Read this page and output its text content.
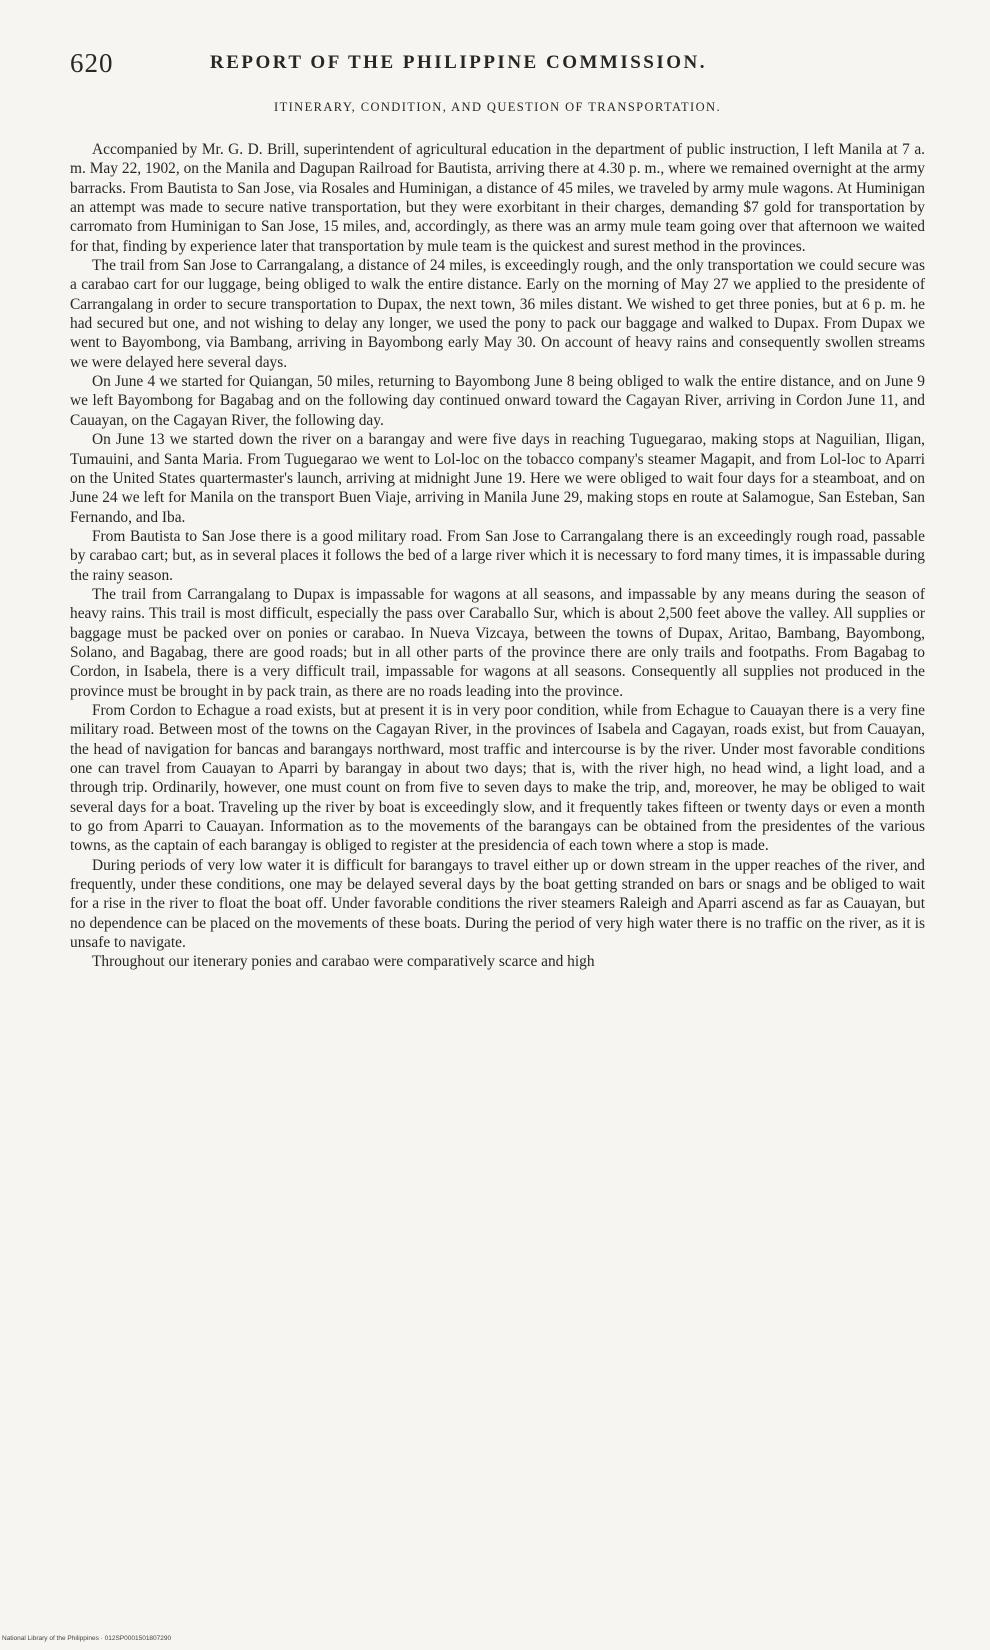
620	REPORT OF THE PHILIPPINE COMMISSION.
ITINERARY, CONDITION, AND QUESTION OF TRANSPORTATION.

Accompanied by Mr. G. D. Brill, superintendent of agricultural education in the department of public instruction, I left Manila at 7 a. m. May 22, 1902, on the Manila and Dagupan Railroad for Bautista, arriving there at 4.30 p. m., where we remained overnight at the army barracks. From Bautista to San Jose, via Rosales and Huminigan, a distance of 45 miles, we traveled by army mule wagons. At Huminigan an attempt was made to secure native transportation, but they were exorbitant in their charges, demanding $7 gold for transportation by carromato from Huminigan to San Jose, 15 miles, and, accordingly, as there was an army mule team going over that afternoon we waited for that, finding by experience later that transportation by mule team is the quickest and surest method in the provinces.

The trail from San Jose to Carrangalang, a distance of 24 miles, is exceedingly rough, and the only transportation we could secure was a carabao cart for our luggage, being obliged to walk the entire distance. Early on the morning of May 27 we applied to the presidente of Carrangalang in order to secure transportation to Dupax, the next town, 36 miles distant. We wished to get three ponies, but at 6 p. m. he had secured but one, and not wishing to delay any longer, we used the pony to pack our baggage and walked to Dupax. From Dupax we went to Bayombong, via Bambang, arriving in Bayombong early May 30. On account of heavy rains and consequently swollen streams we were delayed here several days.

On June 4 we started for Quiangan, 50 miles, returning to Bayombong June 8 being obliged to walk the entire distance, and on June 9 we left Bayombong for Bagabag and on the following day continued onward toward the Cagayan River, arriving in Cordon June 11, and Cauayan, on the Cagayan River, the following day.

On June 13 we started down the river on a barangay and were five days in reaching Tuguegarao, making stops at Naguilian, Iligan, Tumauini, and Santa Maria. From Tuguegarao we went to Lol-loc on the tobacco company's steamer Magapit, and from Lol-loc to Aparri on the United States quartermaster's launch, arriving at midnight June 19. Here we were obliged to wait four days for a steamboat, and on June 24 we left for Manila on the transport Buen Viaje, arriving in Manila June 29, making stops en route at Salamogue, San Esteban, San Fernando, and Iba.

From Bautista to San Jose there is a good military road. From San Jose to Carrangalang there is an exceedingly rough road, passable by carabao cart; but, as in several places it follows the bed of a large river which it is necessary to ford many times, it is impassable during the rainy season.

The trail from Carrangalang to Dupax is impassable for wagons at all seasons, and impassable by any means during the season of heavy rains. This trail is most difficult, especially the pass over Caraballo Sur, which is about 2,500 feet above the valley. All supplies or baggage must be packed over on ponies or carabao. In Nueva Vizcaya, between the towns of Dupax, Aritao, Bambang, Bayombong, Solano, and Bagabag, there are good roads; but in all other parts of the province there are only trails and footpaths. From Bagabag to Cordon, in Isabela, there is a very difficult trail, impassable for wagons at all seasons. Consequently all supplies not produced in the province must be brought in by pack train, as there are no roads leading into the province.

From Cordon to Echague a road exists, but at present it is in very poor condition, while from Echague to Cauayan there is a very fine military road. Between most of the towns on the Cagayan River, in the provinces of Isabela and Cagayan, roads exist, but from Cauayan, the head of navigation for bancas and barangays northward, most traffic and intercourse is by the river. Under most favorable conditions one can travel from Cauayan to Aparri by barangay in about two days; that is, with the river high, no head wind, a light load, and a through trip. Ordinarily, however, one must count on from five to seven days to make the trip, and, moreover, he may be obliged to wait several days for a boat. Traveling up the river by boat is exceedingly slow, and it frequently takes fifteen or twenty days or even a month to go from Aparri to Cauayan. Information as to the movements of the barangays can be obtained from the presidentes of the various towns, as the captain of each barangay is obliged to register at the presidencia of each town where a stop is made.

During periods of very low water it is difficult for barangays to travel either up or down stream in the upper reaches of the river, and frequently, under these conditions, one may be delayed several days by the boat getting stranded on bars or snags and be obliged to wait for a rise in the river to float the boat off. Under favorable conditions the river steamers Raleigh and Aparri ascend as far as Cauayan, but no dependence can be placed on the movements of these boats. During the period of very high water there is no traffic on the river, as it is unsafe to navigate.

Throughout our itenerary ponies and carabao were comparatively scarce and high

National Library of the Philippines · 012SP0001501807290
